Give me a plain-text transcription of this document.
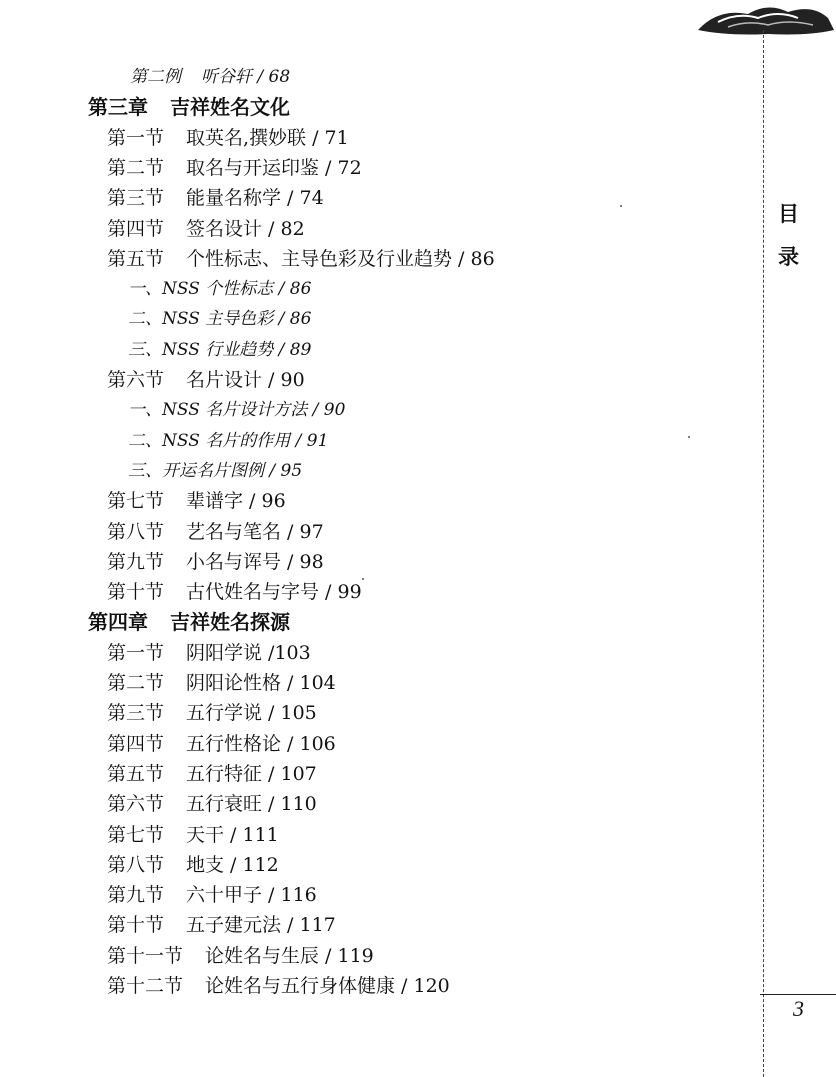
第二例 听谷轩 / 68
第三章 吉祥姓名文化
第一节 取英名,撰妙联 / 71
第二节 取名与开运印鉴 / 72
第三节 能量名称学 / 74
第四节 签名设计 / 82
第五节 个性标志、主导色彩及行业趋势 / 86
一、NSS 个性标志 / 86
二、NSS 主导色彩 / 86
三、NSS 行业趋势 / 89
第六节 名片设计 / 90
一、NSS 名片设计方法 / 90
二、NSS 名片的作用 / 91
三、开运名片图例 / 95
第七节 辈谱字 / 96
第八节 艺名与笔名 / 97
第九节 小名与诨号 / 98
第十节 古代姓名与字号 / 99
第四章 吉祥姓名探源
第一节 阴阳学说 /103
第二节 阴阳论性格 / 104
第三节 五行学说 / 105
第四节 五行性格论 / 106
第五节 五行特征 / 107
第六节 五行衰旺 / 110
第七节 天干 / 111
第八节 地支 / 112
第九节 六十甲子 / 116
第十节 五子建元法 / 117
第十一节 论姓名与生辰 / 119
第十二节 论姓名与五行身体健康 / 120
目
录
3
